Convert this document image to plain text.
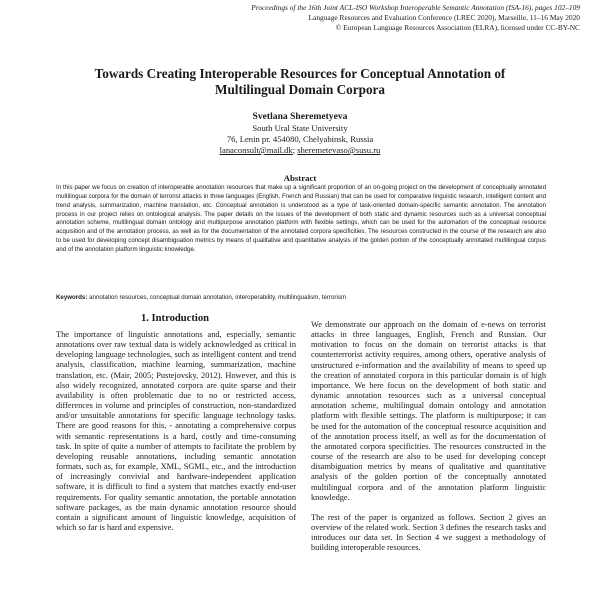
Proceedings of the 16th Joint ACL-ISO Workshop Interoperable Semantic Annotation (ISA-16), pages 102–109
Language Resources and Evaluation Conference (LREC 2020), Marseille, 11–16 May 2020
© European Language Resources Association (ELRA), licensed under CC-BY-NC
Towards Creating Interoperable Resources for Conceptual Annotation of
Multilingual Domain Corpora
Svetlana Sheremetyeva
South Ural State University
76, Lenin pr. 454080, Chelyabinsk, Russia
lanaconsult@mail.dk; sheremetevaso@susu.ru
Abstract
In this paper we focus on creation of interoperable annotation resources that make up a significant proportion of an on-going project on the development of conceptually annotated multilingual corpora for the domain of terrorist attacks in three languages (English, French and Russian) that can be used for comparative linguistic research, intelligent content and trend analysis, summarization, machine translation, etc. Conceptual annotation is understood as a type of task-oriented domain-specific semantic annotation. The annotation process in our project relies on ontological analysis. The paper details on the issues of the development of both static and dynamic resources such as a universal conceptual annotation scheme, multilingual domain ontology and multipurpose annotation platform with flexible settings, which can be used for the automation of the conceptual resource acquisition and of the annotation process, as well as for the documentation of the annotated corpora specificities. The resources constructed in the course of the research are also to be used for developing concept disambiguation metrics by means of qualitative and quantitative analysis of the golden portion of the conceptually annotated multilingual corpus and of the annotation platform linguistic knowledge.
Keywords: annotation resources, conceptual domain annotation, interoperability, multilingualism, terrorism
1. Introduction

The importance of linguistic annotations and, especially, semantic annotations over raw textual data is widely acknowledged as critical in developing language technologies, such as intelligent content and trend analysis, classification, machine learning, summarization, machine translation, etc. (Mair, 2005; Pustejovsky, 2012). However, and this is also widely recognized, annotated corpora are quite sparse and their availability is often problematic due to no or restricted access, differences in volume and principles of construction, non-standardized and/or unsuitable annotations for specific language technology tasks. There are good reasons for this, - annotating a comprehensive corpus with semantic representations is a hard, costly and time-consuming task. In spite of quite a number of attempts to facilitate the problem by developing reusable annotations, including semantic annotation formats, such as, for example, XML, SGML, etc., and the introduction of increasingly convivial and hardware-independent application software, it is difficult to find a system that matches exactly end-user requirements. For quality semantic annotation, the portable annotation software packages, as the main dynamic annotation resource should contain a significant amount of linguistic knowledge, acquisition of which so far is hard and expensive.

We demonstrate our approach on the domain of e-news on terrorist attacks in three languages, English, French and Russian. Our motivation to focus on the domain on terrorist attacks is that counterterrorist activity requires, among others, operative analysis of unstructured e-information and the availability of means to speed up the creation of annotated corpora in this particular domain is of high importance. We here focus on the development of both static and dynamic annotation resources such as a universal conceptual annotation scheme, multilingual domain ontology and annotation platform with flexible settings. The platform is multipurpose; it can be used for the automation of the conceptual resource acquisition and of the annotation process itself, as well as for the documentation of the annotated corpora specificities. The resources constructed in the course of the research are also to be used for developing concept disambiguation metrics by means of qualitative and quantitative analysis of the golden portion of the conceptually annotated multilingual corpora and of the annotation platform linguistic knowledge.

The rest of the paper is organized as follows. Section 2 gives an overview of the related work. Section 3 defines the research tasks and introduces our data set. In Section 4 we suggest a methodology of building interoperable resources.
